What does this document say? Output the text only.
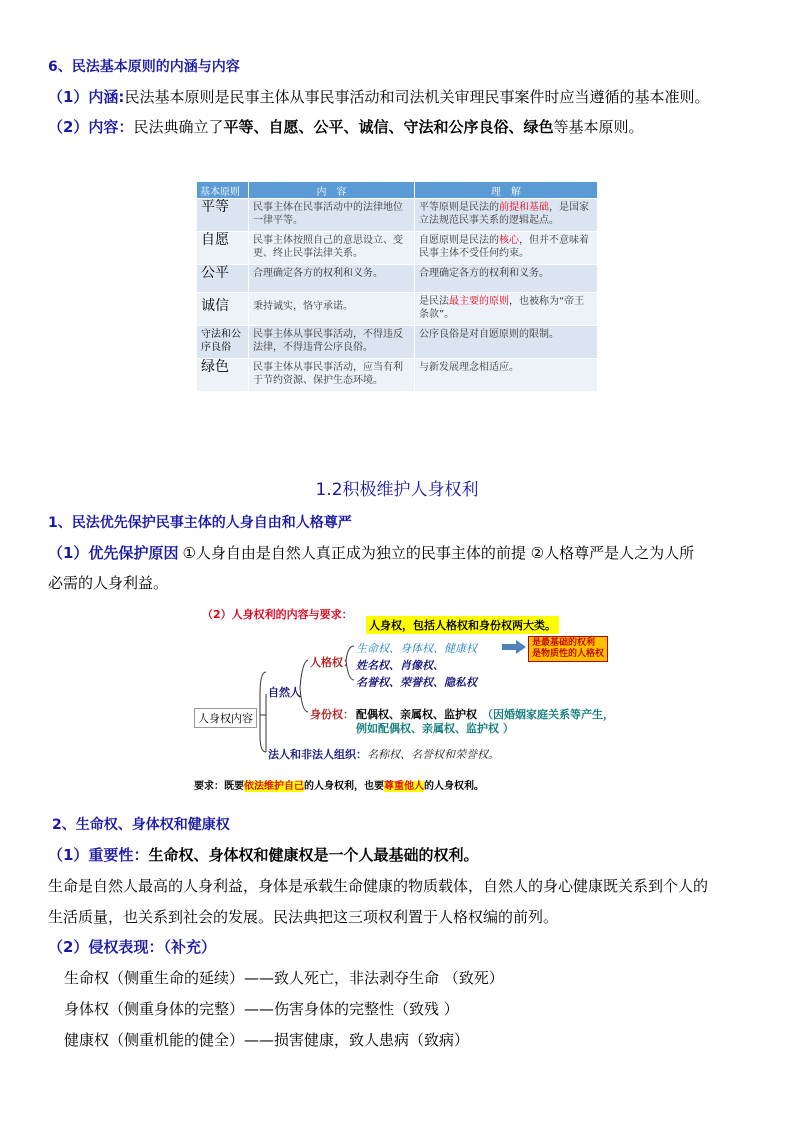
6、民法基本原则的内涵与内容
（1）内涵:民法基本原则是民事主体从事民事活动和司法机关审理民事案件时应当遵循的基本准则。
（2）内容：民法典确立了平等、自愿、公平、诚信、守法和公序良俗、绿色等基本原则。
基本原则	内　容	理　解
平等	民事主体在民事活动中的法律地位一律平等。	平等原则是民法的前提和基础，是国家立法规范民事关系的逻辑起点。
自愿	民事主体按照自己的意思设立、变更、终止民事法律关系。	自愿原则是民法的核心，但并不意味着民事主体不受任何约束。
公平	合理确定各方的权利和义务。	合理确定各方的权利和义务。
诚信	秉持诚实，恪守承诺。	是民法最主要的原则，也被称为“帝王条款”。
守法和公序良俗	民事主体从事民事活动，不得违反法律，不得违背公序良俗。	公序良俗是对自愿原则的限制。
绿色	民事主体从事民事活动，应当有利于节约资源、保护生态环境。	与新发展理念相适应。
1.2积极维护人身权利
1、民法优先保护民事主体的人身自由和人格尊严
（1）优先保护原因 ①人身自由是自然人真正成为独立的民事主体的前提 ②人格尊严是人之为人所
必需的人身利益。
（2）人身权利的内容与要求：
人身权，包括人格权和身份权两大类。
人身权内容
自然人
人格权：
生命权、身体权、健康权
姓名权、肖像权、
名誉权、荣誉权、隐私权
是最基础的权利
是物质性的人格权
身份权： 配偶权、亲属权、监护权 （因婚姻家庭关系等产生，
例如配偶权、亲属权、监护权 ）
法人和非法人组织：名称权、名誉权和荣誉权。
要求：既要依法维护自己的人身权利，也要尊重他人的人身权利。
2、生命权、身体权和健康权
（1）重要性：生命权、身体权和健康权是一个人最基础的权利。
生命是自然人最高的人身利益，身体是承载生命健康的物质载体，自然人的身心健康既关系到个人的
生活质量，也关系到社会的发展。民法典把这三项权利置于人格权编的前列。
（2）侵权表现：（补充）
生命权（侧重生命的延续）——致人死亡，非法剥夺生命 （致死）
身体权（侧重身体的完整）——伤害身体的完整性（致残 ）
健康权（侧重机能的健全）——损害健康，致人患病（致病）
